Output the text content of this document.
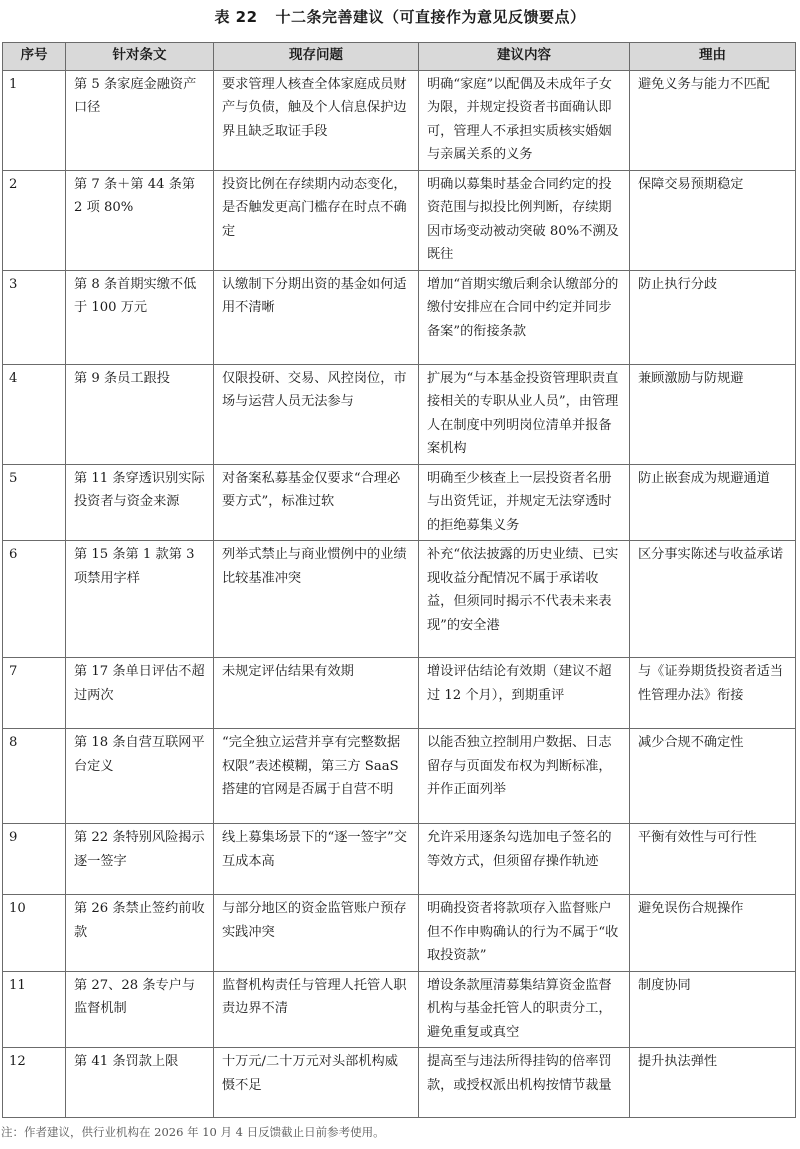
表 22 十二条完善建议（可直接作为意见反馈要点）
序号	针对条文	现存问题	建议内容	理由
1	第 5 条家庭金融资产口径	要求管理人核查全体家庭成员财产与负债，触及个人信息保护边界且缺乏取证手段	明确“家庭”以配偶及未成年子女为限，并规定投资者书面确认即可，管理人不承担实质核实婚姻与亲属关系的义务	避免义务与能力不匹配
2	第 7 条＋第 44 条第 2 项 80%	投资比例在存续期内动态变化，是否触发更高门槛存在时点不确定	明确以募集时基金合同约定的投资范围与拟投比例判断，存续期因市场变动被动突破 80%不溯及既往	保障交易预期稳定
3	第 8 条首期实缴不低于 100 万元	认缴制下分期出资的基金如何适用不清晰	增加“首期实缴后剩余认缴部分的缴付安排应在合同中约定并同步备案”的衔接条款	防止执行分歧
4	第 9 条员工跟投	仅限投研、交易、风控岗位，市场与运营人员无法参与	扩展为“与本基金投资管理职责直接相关的专职从业人员”，由管理人在制度中列明岗位清单并报备案机构	兼顾激励与防规避
5	第 11 条穿透识别实际投资者与资金来源	对备案私募基金仅要求“合理必要方式”，标准过软	明确至少核查上一层投资者名册与出资凭证，并规定无法穿透时的拒绝募集义务	防止嵌套成为规避通道
6	第 15 条第 1 款第 3 项禁用字样	列举式禁止与商业惯例中的业绩比较基准冲突	补充“依法披露的历史业绩、已实现收益分配情况不属于承诺收益，但须同时揭示不代表未来表现”的安全港	区分事实陈述与收益承诺
7	第 17 条单日评估不超过两次	未规定评估结果有效期	增设评估结论有效期（建议不超过 12 个月），到期重评	与《证券期货投资者适当性管理办法》衔接
8	第 18 条自营互联网平台定义	“完全独立运营并享有完整数据权限”表述模糊，第三方 SaaS 搭建的官网是否属于自营不明	以能否独立控制用户数据、日志留存与页面发布权为判断标准，并作正面列举	减少合规不确定性
9	第 22 条特别风险揭示逐一签字	线上募集场景下的“逐一签字”交互成本高	允许采用逐条勾选加电子签名的等效方式，但须留存操作轨迹	平衡有效性与可行性
10	第 26 条禁止签约前收款	与部分地区的资金监管账户预存实践冲突	明确投资者将款项存入监督账户但不作申购确认的行为不属于“收取投资款”	避免误伤合规操作
11	第 27、28 条专户与监督机制	监督机构责任与管理人托管人职责边界不清	增设条款厘清募集结算资金监督机构与基金托管人的职责分工，避免重复或真空	制度协同
12	第 41 条罚款上限	十万元/二十万元对头部机构威慑不足	提高至与违法所得挂钩的倍率罚款，或授权派出机构按情节裁量	提升执法弹性
注：作者建议，供行业机构在 2026 年 10 月 4 日反馈截止日前参考使用。
